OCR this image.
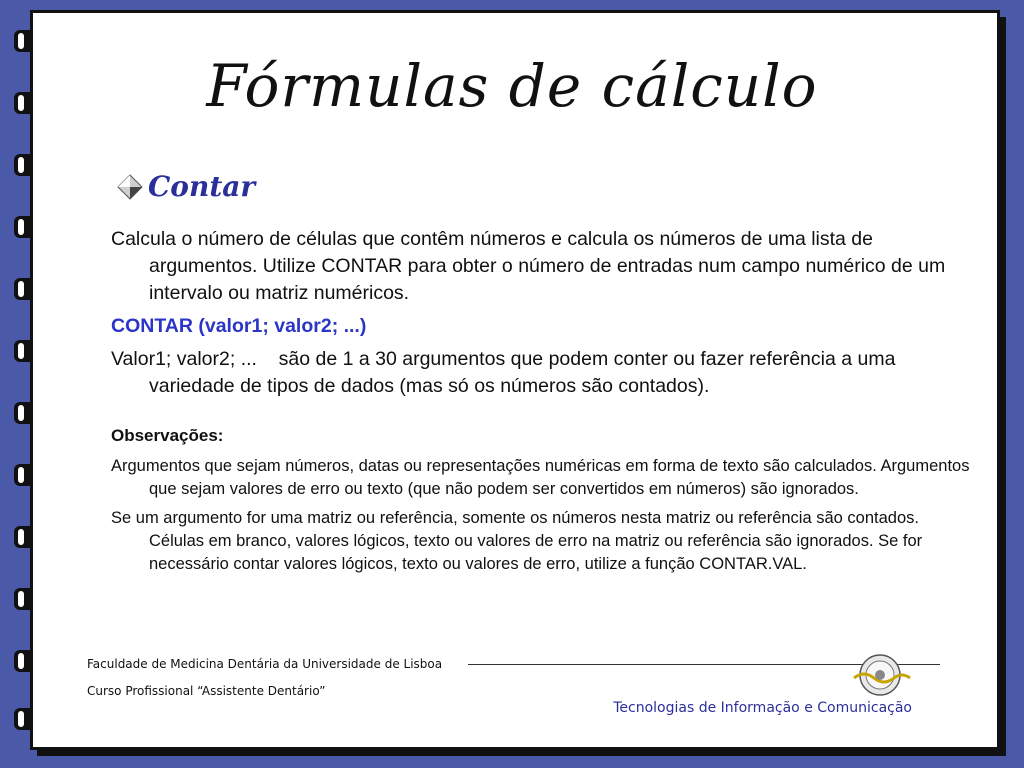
Fórmulas de cálculo
Contar

Calcula o número de células que contêm números e calcula os números de uma lista de argumentos. Utilize CONTAR para obter o número de entradas num campo numérico de um intervalo ou matriz numéricos.

CONTAR (valor1; valor2; ...)

Valor1; valor2; ...    são de 1 a 30 argumentos que podem conter ou fazer referência a uma variedade de tipos de dados (mas só os números são contados).

Observações:

Argumentos que sejam números, datas ou representações numéricas em forma de texto são calculados. Argumentos que sejam valores de erro ou texto (que não podem ser convertidos em números) são ignorados.

Se um argumento for uma matriz ou referência, somente os números nesta matriz ou referência são contados. Células em branco, valores lógicos, texto ou valores de erro na matriz ou referência são ignorados. Se for necessário contar valores lógicos, texto ou valores de erro, utilize a função CONTAR.VAL.

Faculdade de Medicina Dentária da Universidade de Lisboa
Curso Profissional “Assistente Dentário”
Tecnologias de Informação e Comunicação
